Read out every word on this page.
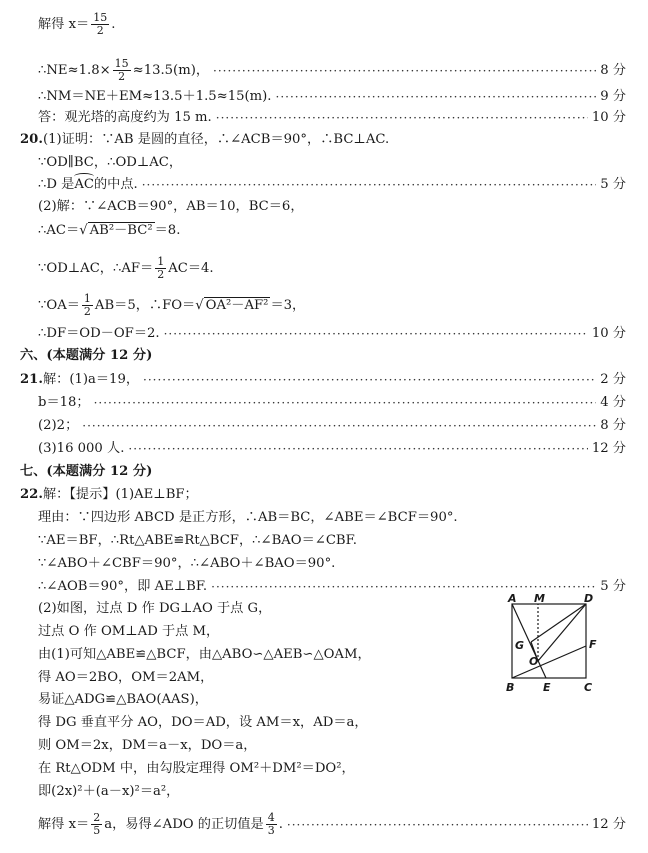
解得 $x= \frac{15}{2}$ .
∴NE≈1.8× $\frac{15}{2} \approx 13.5(m)$， ·····	8 分
∴NM＝NE＋EM≈13.5＋1.5≈15(m). ·····	9 分
答：观光塔的高度约为 15 m. ·····	10 分
20. (1)证明：∵AB 是圆的直径，∴∠ACB＝90°，∴BC⊥AC.
∵OD∥BC，∴OD⊥AC，
∴D 是 AC 的中点. ·····	5 分
(2)解：∵∠ACB＝90°，AB＝10，BC＝6，
∴AC＝ √ AB²－BC² ＝8.
∵OD⊥AC，∴AF＝ $\frac{1}{2} AC=4$.
∵OA＝ $\frac{1}{2} AB=5$，∴FO＝ √ OA²－AF² ＝3，
∴DF＝OD－OF＝2. ·····	10 分
六、(本题满分 12 分)
21. 解：(1)a＝19， ·····	2 分
b＝18； ·····	4 分
(2)2； ·····	8 分
(3)16 000 人. ·····	12 分
七、(本题满分 12 分)
22. 解：【提示】(1)AE⊥BF；
理由：∵四边形 ABCD 是正方形，∴AB＝BC，∠ABE＝∠BCF＝90°.
∵AE＝BF，∴Rt△ABE≌Rt△BCF，∴∠BAO＝∠CBF.
∵∠ABO＋∠CBF＝90°，∴∠ABO＋∠BAO＝90°.
∴∠AOB＝90°，即 AE⊥BF. ·····	5 分
(2)如图，过点 D 作 DG⊥AO 于点 G，
过点 O 作 OM⊥AD 于点 M，
由(1)可知△ABE≌△BCF，由△ABO∽△AEB∽△OAM，
得 AO＝2BO，OM＝2AM，
易证△ADG≌△BAO(AAS)，
得 DG 垂直平分 AO，DO＝AD，设 AM＝x，AD＝a，
则 OM＝2x，DM＝a－x，DO＝a，
在 Rt△ODM 中，由勾股定理得 OM²＋DM²＝DO²，
即(2x)²＋(a－x)²＝a²，
解得 $x= \frac{2}{5}$ a，易得∠ADO 的正切值是 $\frac{4}{3}$ . ·····	12 分
A M	D
G	F
O
B	E	C
